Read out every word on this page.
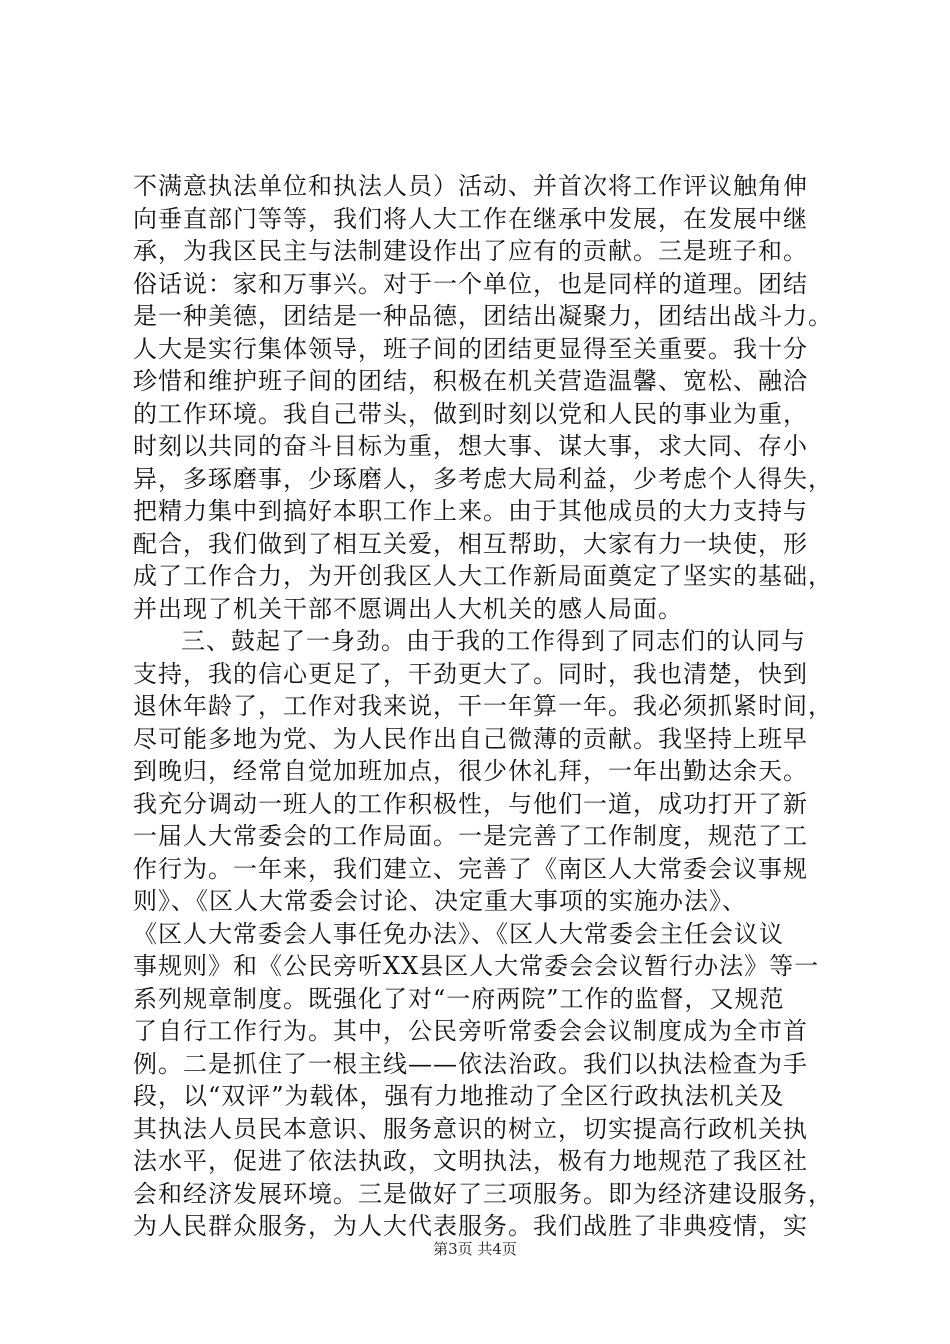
不满意执法单位和执法人员）活动、并首次将工作评议触角伸
向垂直部门等等，我们将人大工作在继承中发展，在发展中继
承，为我区民主与法制建设作出了应有的贡献。三是班子和。
俗话说：家和万事兴。对于一个单位，也是同样的道理。团结
是一种美德，团结是一种品德，团结出凝聚力，团结出战斗力。
人大是实行集体领导，班子间的团结更显得至关重要。我十分
珍惜和维护班子间的团结，积极在机关营造温馨、宽松、融洽
的工作环境。我自己带头，做到时刻以党和人民的事业为重，
时刻以共同的奋斗目标为重，想大事、谋大事，求大同、存小
异，多琢磨事，少琢磨人，多考虑大局利益，少考虑个人得失，
把精力集中到搞好本职工作上来。由于其他成员的大力支持与
配合，我们做到了相互关爱，相互帮助，大家有力一块使，形
成了工作合力，为开创我区人大工作新局面奠定了坚实的基础，
并出现了机关干部不愿调出人大机关的感人局面。
三、鼓起了一身劲。由于我的工作得到了同志们的认同与
支持，我的信心更足了，干劲更大了。同时，我也清楚，快到
退休年龄了，工作对我来说，干一年算一年。我必须抓紧时间，
尽可能多地为党、为人民作出自己微薄的贡献。我坚持上班早
到晚归，经常自觉加班加点，很少休礼拜，一年出勤达余天。
我充分调动一班人的工作积极性，与他们一道，成功打开了新
一届人大常委会的工作局面。一是完善了工作制度，规范了工
作行为。一年来，我们建立、完善了《南区人大常委会议事规
则》、《区人大常委会讨论、决定重大事项的实施办法》、
《区人大常委会人事任免办法》、《区人大常委会主任会议议
事规则》和《公民旁听XX县区人大常委会会议暂行办法》等一
系列规章制度。既强化了对“一府两院”工作的监督，又规范
了自行工作行为。其中，公民旁听常委会会议制度成为全市首
例。二是抓住了一根主线——依法治政。我们以执法检查为手
段，以“双评”为载体，强有力地推动了全区行政执法机关及
其执法人员民本意识、服务意识的树立，切实提高行政机关执
法水平，促进了依法执政，文明执法，极有力地规范了我区社
会和经济发展环境。三是做好了三项服务。即为经济建设服务，
为人民群众服务，为人大代表服务。我们战胜了非典疫情，实
第3页 共4页
